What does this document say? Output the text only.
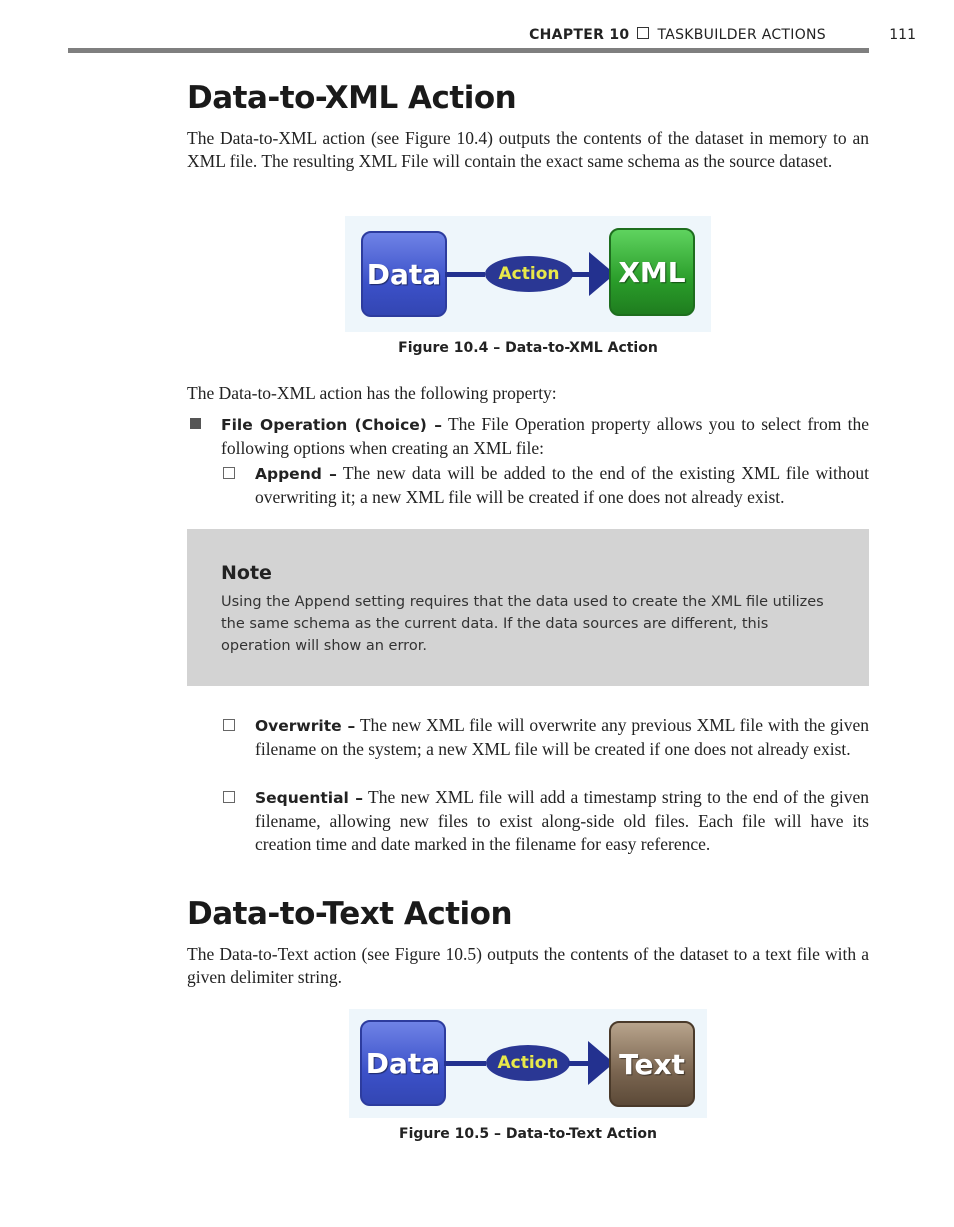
CHAPTER 10 TASKBUILDER ACTIONS	111
Data-to-XML Action

The Data-to-XML action (see Figure 10.4) outputs the contents of the dataset in memory to an XML file. The resulting XML File will contain the exact same schema as the source dataset.

Data	Action	XML
Figure 10.4 – Data-to-XML Action

The Data-to-XML action has the following property:

File Operation (Choice) – The File Operation property allows you to select from the following options when creating an XML file:

Append – The new data will be added to the end of the existing XML file without overwriting it; a new XML file will be created if one does not already exist.

Note
Using the Append setting requires that the data used to create the XML file utilizes the same schema as the current data. If the data sources are different, this operation will show an error.

Overwrite – The new XML file will overwrite any previous XML file with the given filename on the system; a new XML file will be created if one does not already exist.

Sequential – The new XML file will add a timestamp string to the end of the given filename, allowing new files to exist along-side old files. Each file will have its creation time and date marked in the filename for easy reference.

Data-to-Text Action

The Data-to-Text action (see Figure 10.5) outputs the contents of the dataset to a text file with a given delimiter string.

Data	Action	Text
Figure 10.5 – Data-to-Text Action
